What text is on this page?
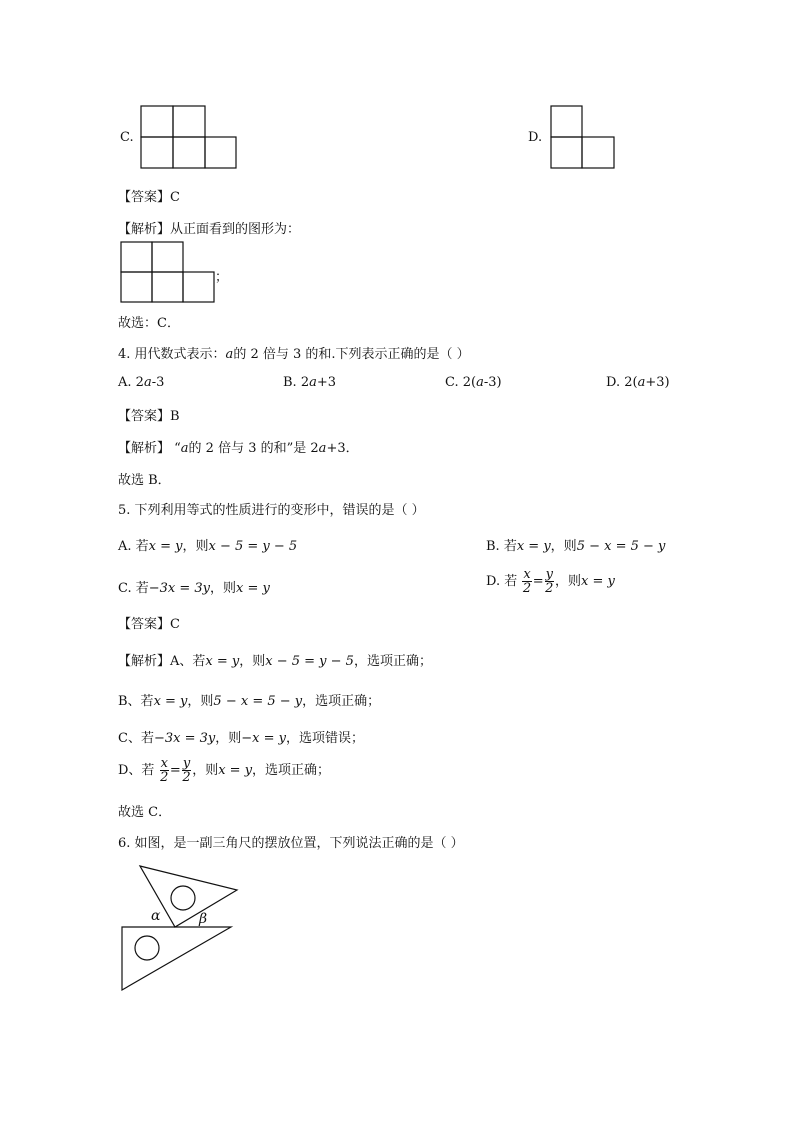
C.	D.
【答案】C
【解析】从正面看到的图形为：
；
故选：C．
4. 用代数式表示：a的 2 倍与 3 的和.下列表示正确的是（ ）
A. 2a-3	B. 2a+3	C. 2(a-3)	D. 2(a+3)
【答案】B
【解析】 “a的 2 倍与 3 的和”是 2a+3．
故选 B．
5. 下列利用等式的性质进行的变形中，错误的是（ ）
A. 若x = y，则x − 5 = y − 5	B. 若x = y，则5 − x = 5 − y
C. 若−3x = 3y，则x = y	D. 若 $\frac{x}{2} = \frac{y}{2}$ ，则x = y
【答案】C
【解析】A、若x = y，则x − 5 = y − 5，选项正确；
B、若x = y，则5 − x = 5 − y，选项正确；
C、若−3x = 3y，则−x = y，选项错误；
D、若 $\frac{x}{2} = \frac{y}{2}$ ，则x = y，选项正确；
故选 C．
6. 如图，是一副三角尺的摆放位置，下列说法正确的是（ ）
α	β
